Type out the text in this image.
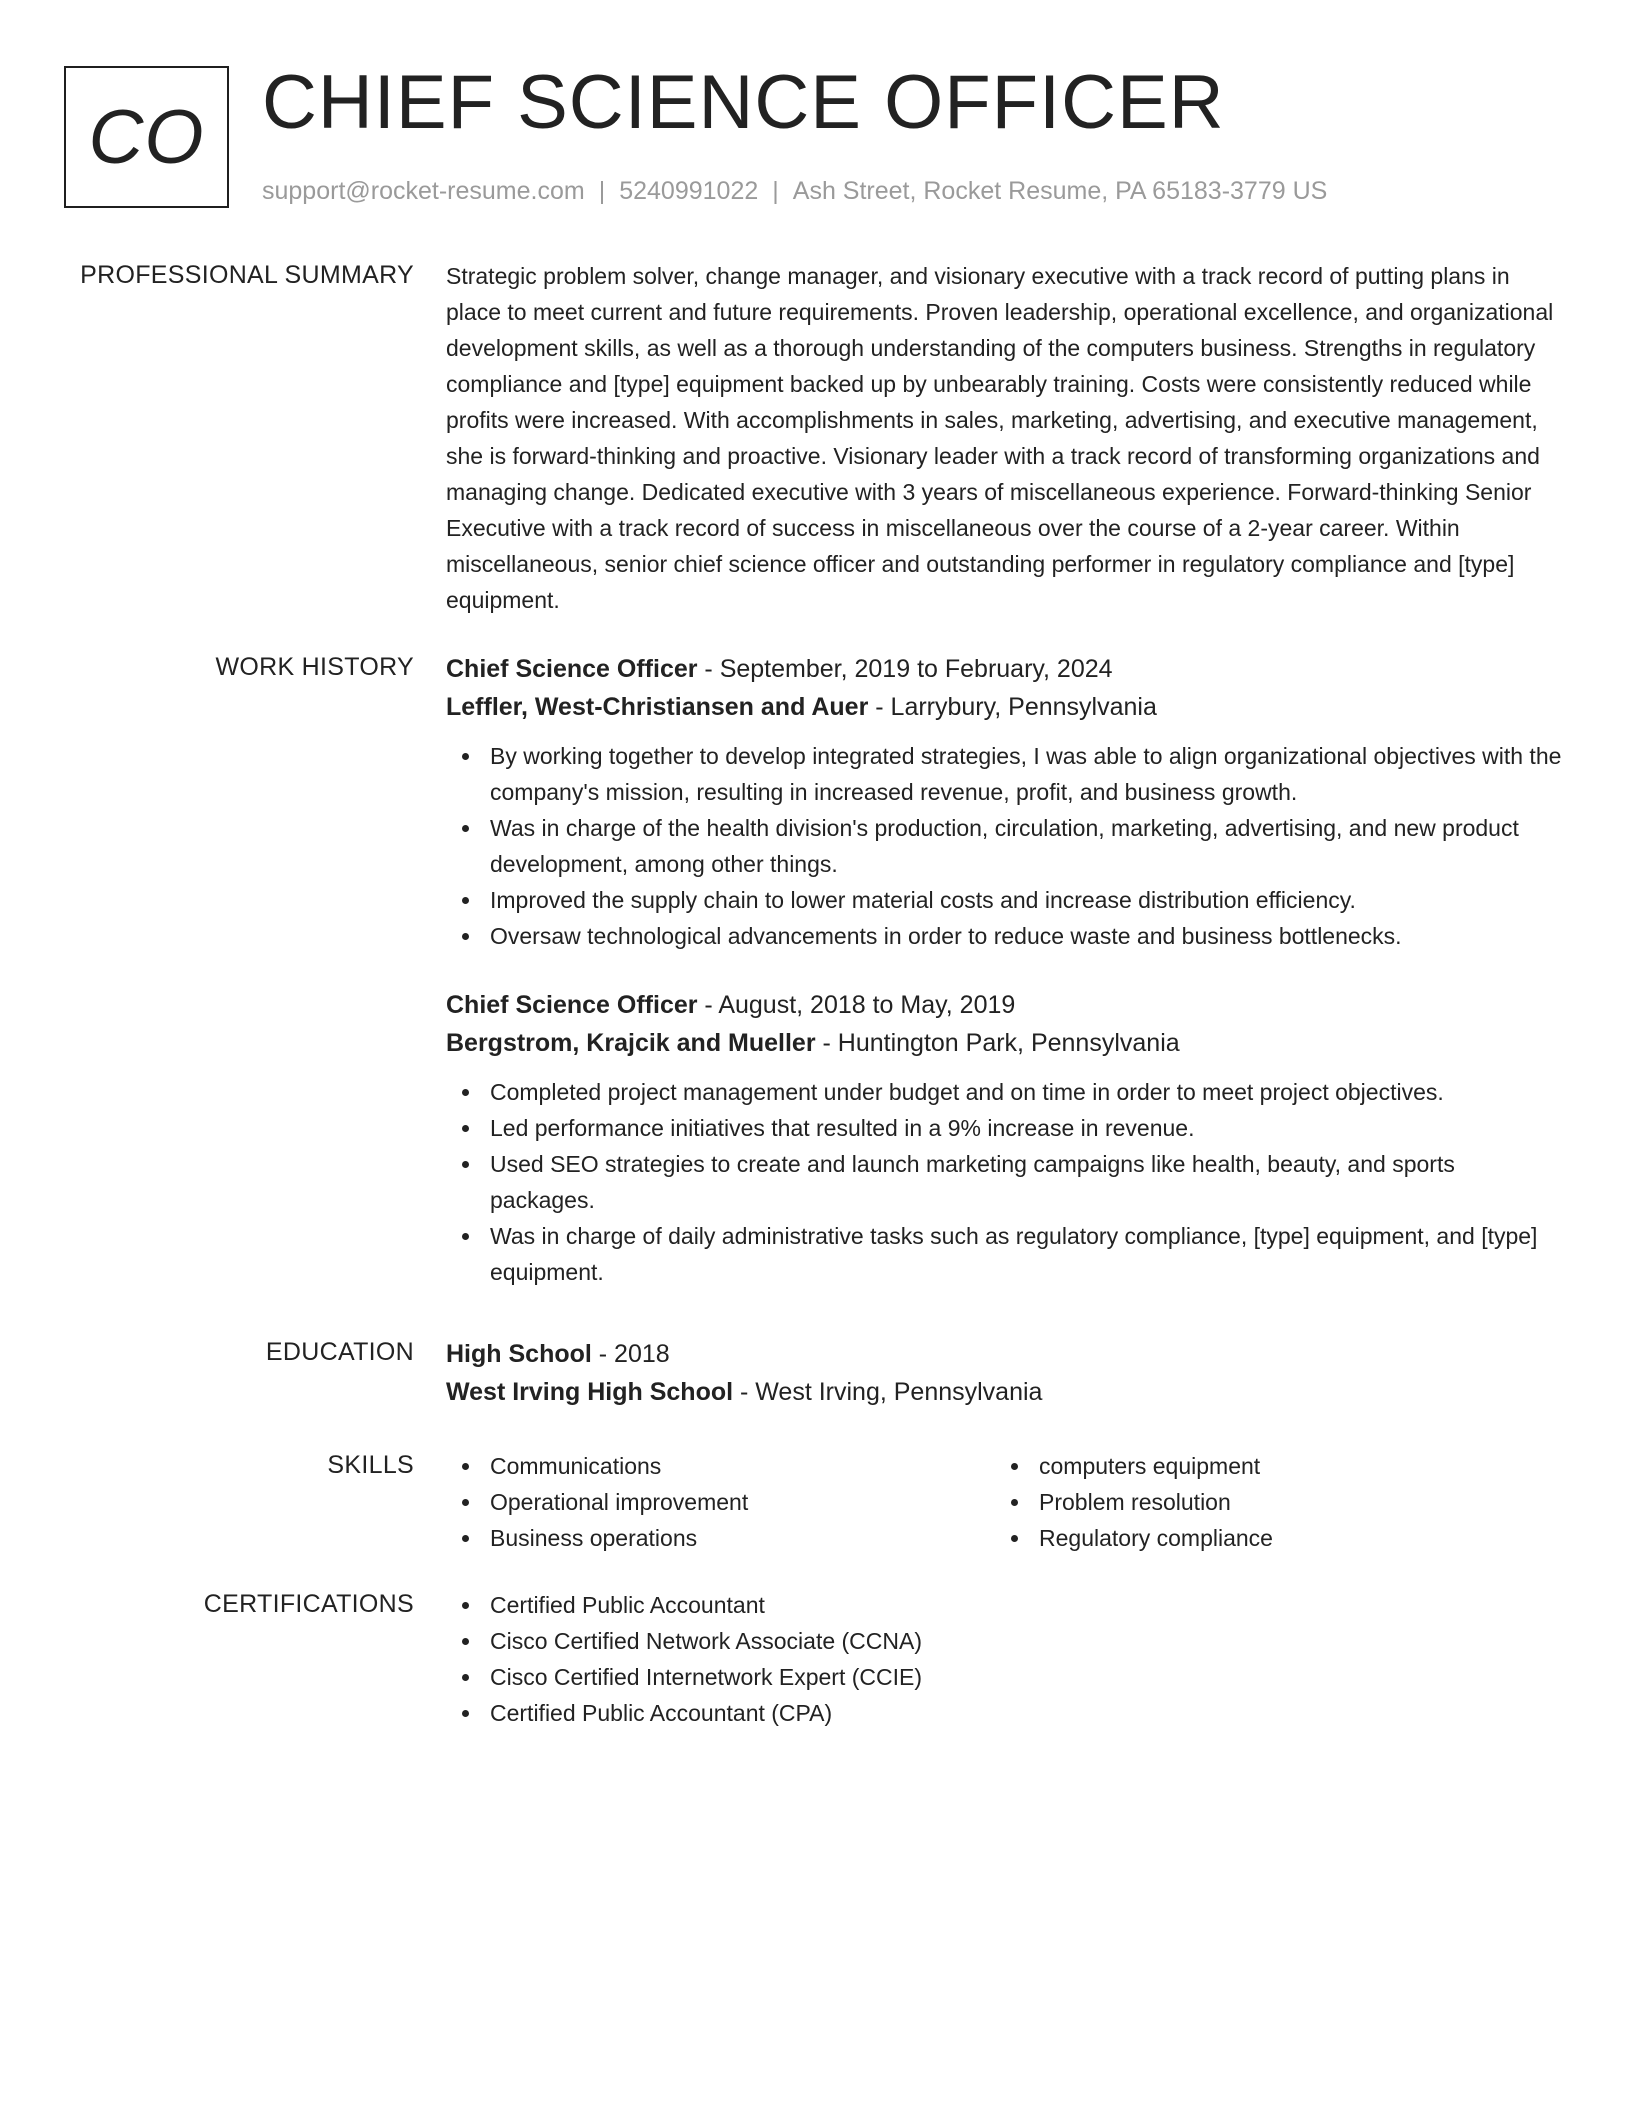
CO CHIEF SCIENCE OFFICER
support@rocket-resume.com | 5240991022 | Ash Street, Rocket Resume, PA 65183-3779 US
PROFESSIONAL SUMMARY Strategic problem solver, change manager, and visionary executive with a track record of putting plans in place to meet current and future requirements. Proven leadership, operational excellence, and organizational development skills, as well as a thorough understanding of the computers business. Strengths in regulatory compliance and [type] equipment backed up by unbearably training. Costs were consistently reduced while profits were increased. With accomplishments in sales, marketing, advertising, and executive management, she is forward-thinking and proactive. Visionary leader with a track record of transforming organizations and managing change. Dedicated executive with 3 years of miscellaneous experience. Forward-thinking Senior Executive with a track record of success in miscellaneous over the course of a 2-year career. Within miscellaneous, senior chief science officer and outstanding performer in regulatory compliance and [type] equipment.

WORK HISTORY Chief Science Officer - September, 2019 to February, 2024
Leffler, West-Christiansen and Auer - Larrybury, Pennsylvania
By working together to develop integrated strategies, I was able to align organizational objectives with the company's mission, resulting in increased revenue, profit, and business growth.
Was in charge of the health division's production, circulation, marketing, advertising, and new product development, among other things.
Improved the supply chain to lower material costs and increase distribution efficiency.
Oversaw technological advancements in order to reduce waste and business bottlenecks.
Chief Science Officer - August, 2018 to May, 2019
Bergstrom, Krajcik and Mueller - Huntington Park, Pennsylvania
Completed project management under budget and on time in order to meet project objectives.
Led performance initiatives that resulted in a 9% increase in revenue.
Used SEO strategies to create and launch marketing campaigns like health, beauty, and sports packages.
Was in charge of daily administrative tasks such as regulatory compliance, [type] equipment, and [type] equipment.
EDUCATION High School - 2018
West Irving High School - West Irving, Pennsylvania
SKILLS	Communications
Operational improvement
Business operations
computers equipment
Problem resolution
Regulatory compliance
CERTIFICATIONS	Certified Public Accountant
Cisco Certified Network Associate (CCNA)
Cisco Certified Internetwork Expert (CCIE)
Certified Public Accountant (CPA)
